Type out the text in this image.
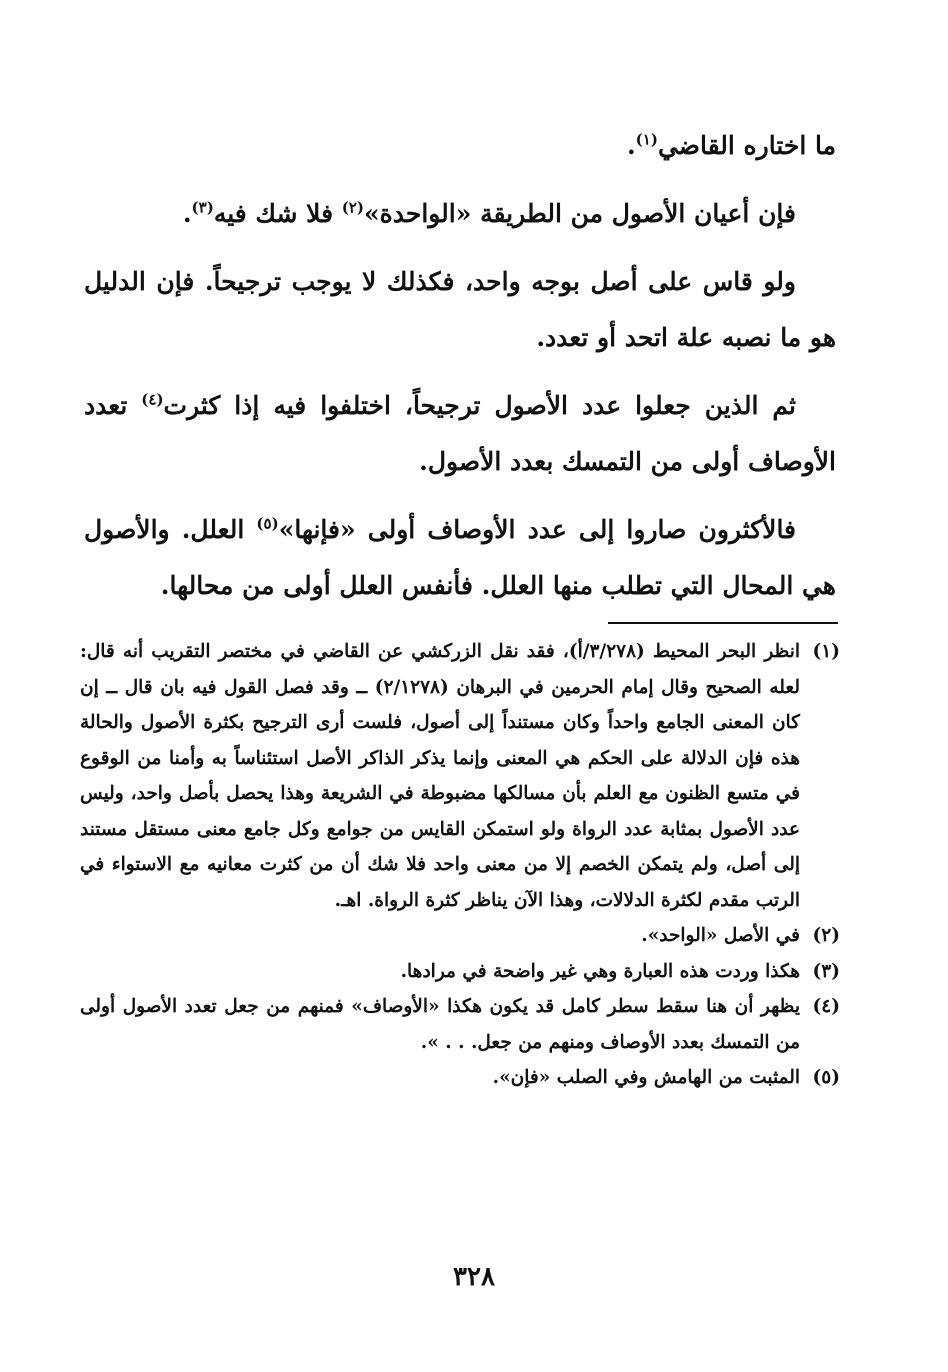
ما اختاره القاضي$^{(١)}$.

فإن أعيان الأصول من الطريقة «الواحدة»$^{(٢)}$ فلا شك فيه$^{(٣)}$.

ولو قاس على أصل بوجه واحد، فكذلك لا يوجب ترجيحاً. فإن الدليل هو ما نصبه علة اتحد أو تعدد.

ثم الذين جعلوا عدد الأصول ترجيحاً، اختلفوا فيه إذا كثرت$^{(٤)}$ تعدد الأوصاف أولى من التمسك بعدد الأصول.

فالأكثرون صاروا إلى عدد الأوصاف أولى «فإنها»$^{(٥)}$ العلل. والأصول هي المحال التي تطلب منها العلل. فأنفس العلل أولى من محالها.

(١)
انظر البحر المحيط (٣/٢٧٨/أ)، فقد نقل الزركشي عن القاضي في مختصر التقريب أنه قال: لعله الصحيح وقال إمام الحرمين في البرهان (٢/١٢٧٨) ــ وقد فصل القول فيه بان قال ــ إن كان المعنى الجامع واحداً وكان مستنداً إلى أصول، فلست أرى الترجيح بكثرة الأصول والحالة هذه فإن الدلالة على الحكم هي المعنى وإنما يذكر الذاكر الأصل استئناساً به وأمنا من الوقوع في متسع الظنون مع العلم بأن مسالكها مضبوطة في الشريعة وهذا يحصل بأصل واحد، وليس عدد الأصول بمثابة عدد الرواة ولو استمكن القايس من جوامع وكل جامع معنى مستقل مستند إلى أصل، ولم يتمكن الخصم إلا من معنى واحد فلا شك أن من كثرت معانيه مع الاستواء في الرتب مقدم لكثرة الدلالات، وهذا الآن يناظر كثرة الرواة. اهـ.
(٢)
في الأصل «الواحد».
(٣)
هكذا وردت هذه العبارة وهي غير واضحة في مرادها.
(٤)
يظهر أن هنا سقط سطر كامل قد يكون هكذا «الأوصاف» فمنهم من جعل تعدد الأصول أولى من التمسك بعدد الأوصاف ومنهم من جعل. . . ».
(٥)
المثبت من الهامش وفي الصلب «فإن».
٣٢٨
